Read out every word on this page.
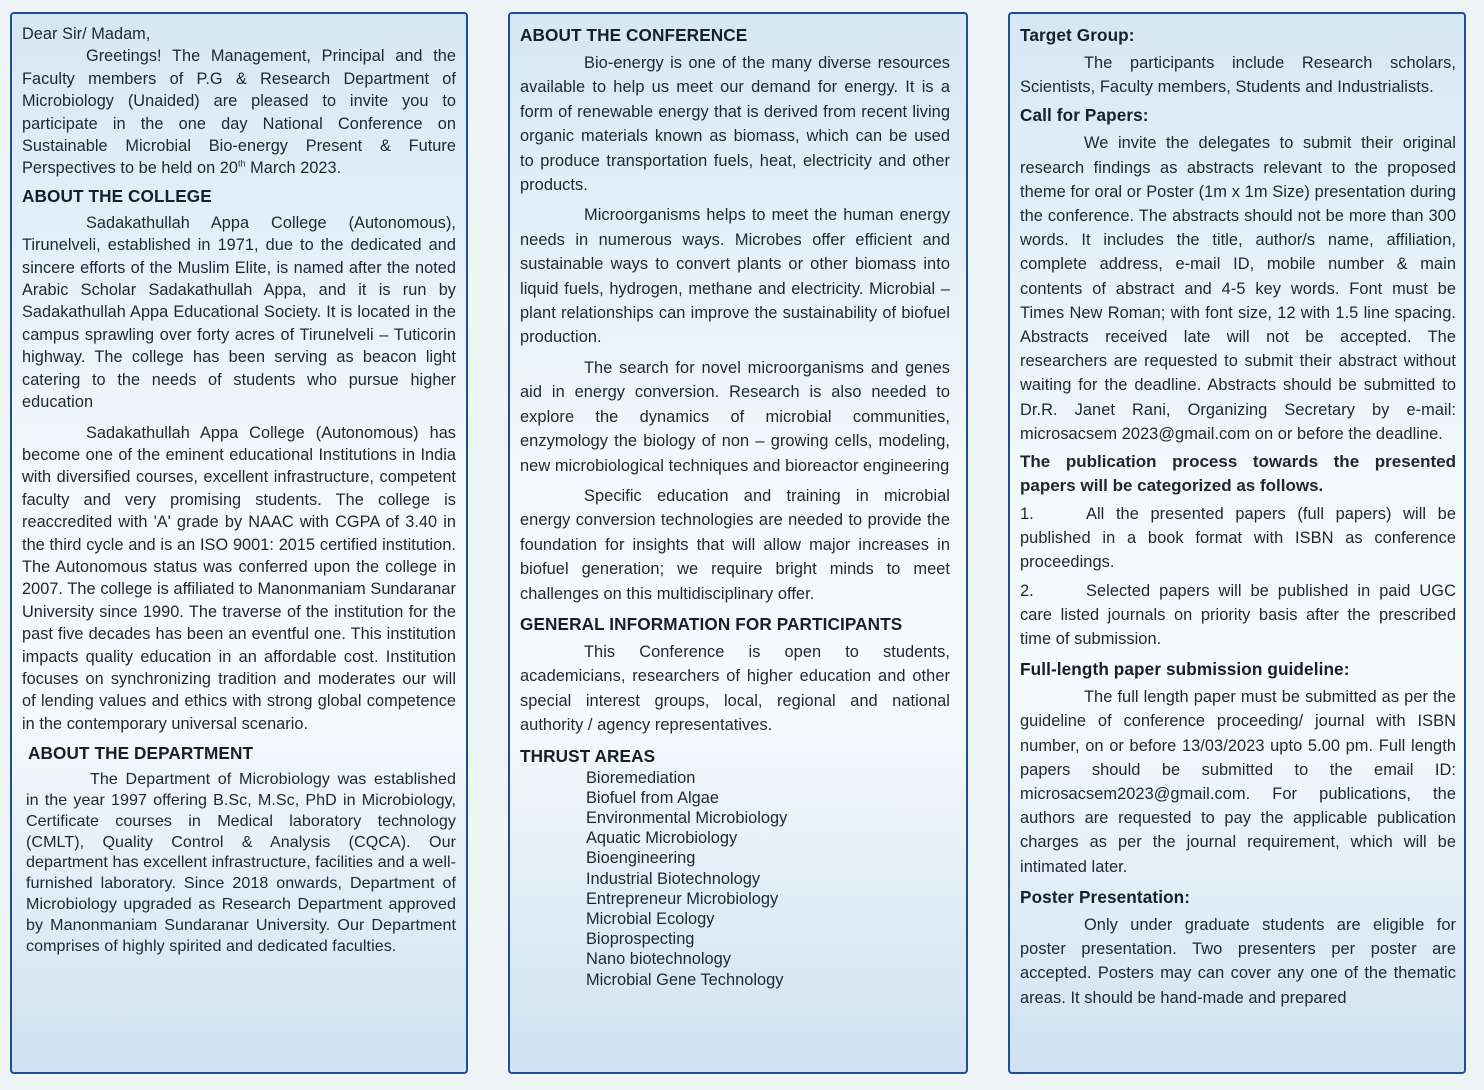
Dear Sir/ Madam,

Greetings! The Management, Principal and the Faculty members of P.G & Research Department of Microbiology (Unaided) are pleased to invite you to participate in the one day National Conference on Sustainable Microbial Bio-energy Present & Future Perspectives to be held on 20th March 2023.

ABOUT THE COLLEGE

Sadakathullah Appa College (Autonomous), Tirunelveli, established in 1971, due to the dedicated and sincere efforts of the Muslim Elite, is named after the noted Arabic Scholar Sadakathullah Appa, and it is run by Sadakathullah Appa Educational Society. It is located in the campus sprawling over forty acres of Tirunelveli – Tuticorin highway. The college has been serving as beacon light catering to the needs of students who pursue higher education

Sadakathullah Appa College (Autonomous) has become one of the eminent educational Institutions in India with diversified courses, excellent infrastructure, competent faculty and very promising students. The college is reaccredited with 'A' grade by NAAC with CGPA of 3.40 in the third cycle and is an ISO 9001: 2015 certified institution. The Autonomous status was conferred upon the college in 2007. The college is affiliated to Manonmaniam Sundaranar University since 1990. The traverse of the institution for the past five decades has been an eventful one. This institution impacts quality education in an affordable cost. Institution focuses on synchronizing tradition and moderates our will of lending values and ethics with strong global competence in the contemporary universal scenario.

ABOUT THE DEPARTMENT

The Department of Microbiology was established in the year 1997 offering B.Sc, M.Sc, PhD in Microbiology, Certificate courses in Medical laboratory technology (CMLT), Quality Control & Analysis (CQCA). Our department has excellent infrastructure, facilities and a well-furnished laboratory. Since 2018 onwards, Department of Microbiology upgraded as Research Department approved by Manonmaniam Sundaranar University. Our Department comprises of highly spirited and dedicated faculties.

ABOUT THE CONFERENCE

Bio-energy is one of the many diverse resources available to help us meet our demand for energy. It is a form of renewable energy that is derived from recent living organic materials known as biomass, which can be used to produce transportation fuels, heat, electricity and other products.

Microorganisms helps to meet the human energy needs in numerous ways. Microbes offer efficient and sustainable ways to convert plants or other biomass into liquid fuels, hydrogen, methane and electricity. Microbial – plant relationships can improve the sustainability of biofuel production.

The search for novel microorganisms and genes aid in energy conversion. Research is also needed to explore the dynamics of microbial communities, enzymology the biology of non – growing cells, modeling, new microbiological techniques and bioreactor engineering

Specific education and training in microbial energy conversion technologies are needed to provide the foundation for insights that will allow major increases in biofuel generation; we require bright minds to meet challenges on this multidisciplinary offer.

GENERAL INFORMATION FOR PARTICIPANTS

This Conference is open to students, academicians, researchers of higher education and other special interest groups, local, regional and national authority / agency representatives.

THRUST AREAS
Bioremediation
Biofuel from Algae
Environmental Microbiology
Aquatic Microbiology
Bioengineering
Industrial Biotechnology
Entrepreneur Microbiology
Microbial Ecology
Bioprospecting
Nano biotechnology
Microbial Gene Technology
Target Group:

The participants include Research scholars, Scientists, Faculty members, Students and Industrialists.

Call for Papers:

We invite the delegates to submit their original research findings as abstracts relevant to the proposed theme for oral or Poster (1m x 1m Size) presentation during the conference. The abstracts should not be more than 300 words. It includes the title, author/s name, affiliation, complete address, e-mail ID, mobile number & main contents of abstract and 4-5 key words. Font must be Times New Roman; with font size, 12 with 1.5 line spacing. Abstracts received late will not be accepted. The researchers are requested to submit their abstract without waiting for the deadline. Abstracts should be submitted to Dr.R. Janet Rani, Organizing Secretary by e-mail: microsacsem 2023@gmail.com on or before the deadline.

The publication process towards the presented papers will be categorized as follows.

1.	All the presented papers (full papers) will be published in a book format with ISBN as conference proceedings.

2.	Selected papers will be published in paid UGC care listed journals on priority basis after the prescribed time of submission.

Full-length paper submission guideline:

The full length paper must be submitted as per the guideline of conference proceeding/ journal with ISBN number, on or before 13/03/2023 upto 5.00 pm. Full length papers should be submitted to the email ID: microsacsem2023@gmail.com. For publications, the authors are requested to pay the applicable publication charges as per the journal requirement, which will be intimated later.

Poster Presentation:

Only under graduate students are eligible for poster presentation. Two presenters per poster are accepted. Posters may can cover any one of the thematic areas. It should be hand-made and prepared
